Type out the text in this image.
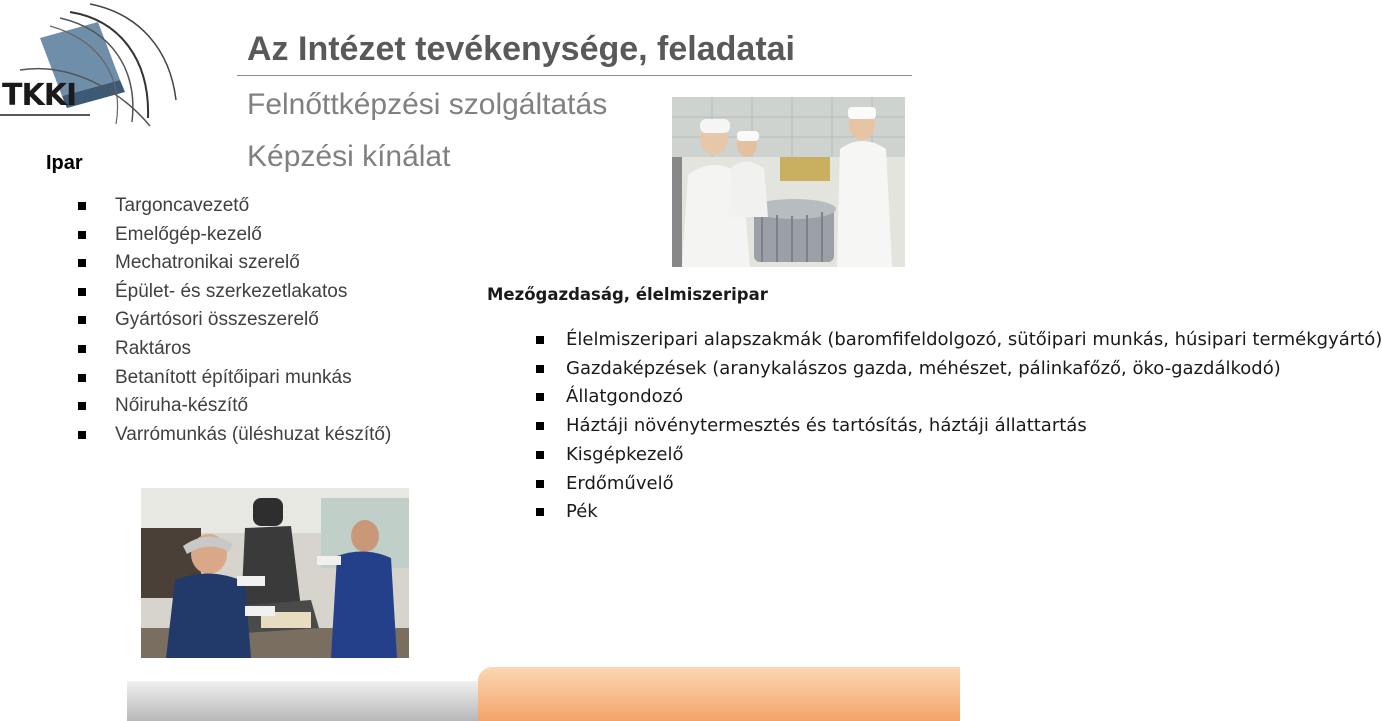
TKKI
Ipar
Az Intézet tevékenysége, feladatai
Felnőttképzési szolgáltatás
Képzési kínálat
Targoncavezető
Emelőgép-kezelő
Mechatronikai szerelő
Épület- és szerkezetlakatos
Gyártósori összeszerelő
Raktáros
Betanított építőipari munkás
Nőiruha-készítő
Varrómunkás (üléshuzat készítő)
Mezőgazdaság, élelmiszeripar
Élelmiszeripari alapszakmák (baromfifeldolgozó, sütőipari munkás, húsipari termékgyártó)
Gazdaképzések (aranykalászos gazda, méhészet, pálinkafőző, öko-gazdálkodó)
Állatgondozó
Háztáji növénytermesztés és tartósítás, háztáji állattartás
Kisgépkezelő
Erdőművelő
Pék
